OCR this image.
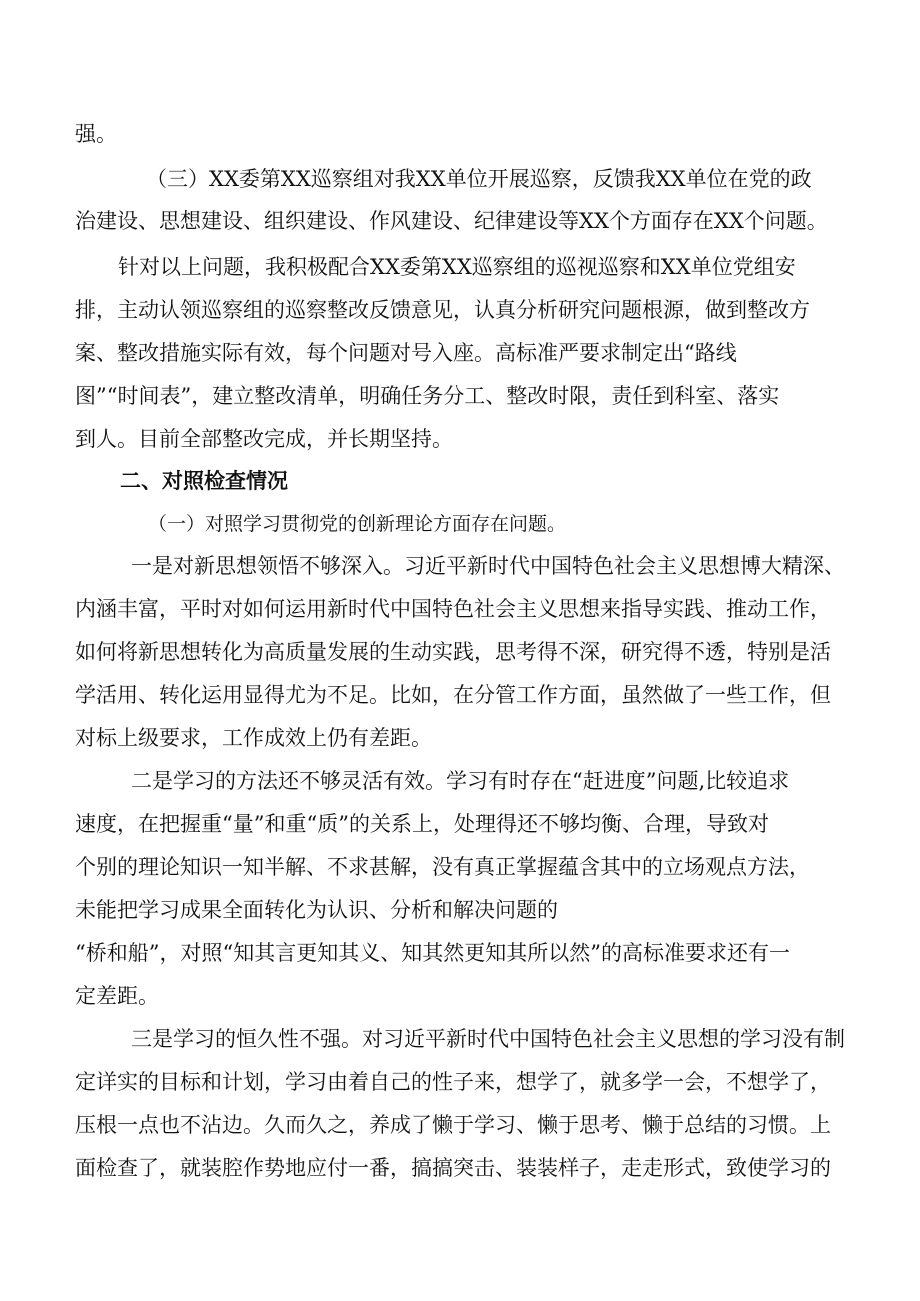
强。
（三）XX委第XX巡察组对我XX单位开展巡察，反馈我XX单位在党的政
治建设、思想建设、组织建设、作风建设、纪律建设等XX个方面存在XX个问题。
针对以上问题，我积极配合XX委第XX巡察组的巡视巡察和XX单位党组安
排，主动认领巡察组的巡察整改反馈意见，认真分析研究问题根源，做到整改方
案、整改措施实际有效，每个问题对号入座。高标准严要求制定出“路线
图”“时间表”，建立整改清单，明确任务分工、整改时限，责任到科室、落实
到人。目前全部整改完成，并长期坚持。
二、对照检查情况
（一）对照学习贯彻党的创新理论方面存在问题。
一是对新思想领悟不够深入。习近平新时代中国特色社会主义思想博大精深、
内涵丰富，平时对如何运用新时代中国特色社会主义思想来指导实践、推动工作，
如何将新思想转化为高质量发展的生动实践，思考得不深，研究得不透，特别是活
学活用、转化运用显得尤为不足。比如，在分管工作方面，虽然做了一些工作，但
对标上级要求，工作成效上仍有差距。
二是学习的方法还不够灵活有效。学习有时存在“赶进度”问题,比较追求
速度，在把握重“量”和重“质”的关系上，处理得还不够均衡、合理，导致对
个别的理论知识一知半解、不求甚解，没有真正掌握蕴含其中的立场观点方法，
未能把学习成果全面转化为认识、分析和解决问题的
“桥和船”，对照“知其言更知其义、知其然更知其所以然”的高标准要求还有一
定差距。
三是学习的恒久性不强。对习近平新时代中国特色社会主义思想的学习没有制
定详实的目标和计划，学习由着自己的性子来，想学了，就多学一会，不想学了，
压根一点也不沾边。久而久之，养成了懒于学习、懒于思考、懒于总结的习惯。上
面检查了，就装腔作势地应付一番，搞搞突击、装装样子，走走形式，致使学习的
